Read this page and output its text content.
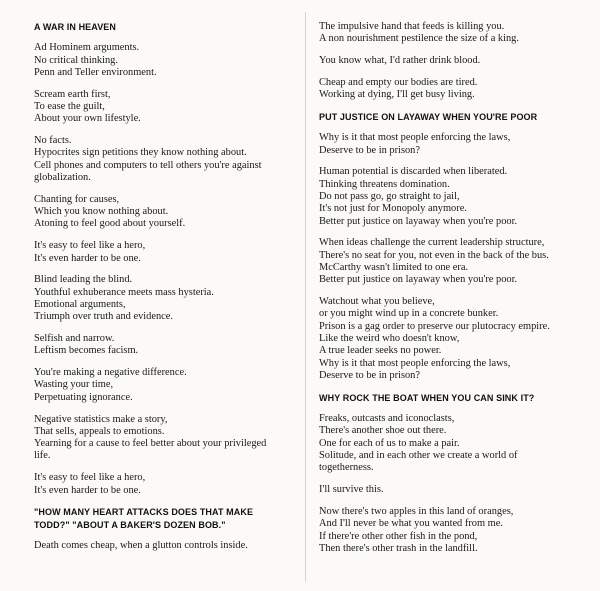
A WAR IN HEAVEN
Ad Hominem arguments.
No critical thinking.
Penn and Teller environment.
Scream earth first,
To ease the guilt,
About your own lifestyle.
No facts.
Hypocrites sign petitions they know nothing about.
Cell phones and computers to tell others you're against
globalization.
Chanting for causes,
Which you know nothing about.
Atoning to feel good about yourself.
It's easy to feel like a hero,
It's even harder to be one.
Blind leading the blind.
Youthful exhuberance meets mass hysteria.
Emotional arguments,
Triumph over truth and evidence.
Selfish and narrow.
Leftism becomes facism.
You're making a negative difference.
Wasting your time,
Perpetuating ignorance.
Negative statistics make a story,
That sells, appeals to emotions.
Yearning for a cause to feel better about your privileged
life.
It's easy to feel like a hero,
It's even harder to be one.
"HOW MANY HEART ATTACKS DOES THAT MAKE
TODD?" "ABOUT A BAKER'S DOZEN BOB."
Death comes cheap, when a glutton controls inside.
The impulsive hand that feeds is killing you.
A non nourishment pestilence the size of a king.
You know what, I'd rather drink blood.
Cheap and empty our bodies are tired.
Working at dying, I'll get busy living.
PUT JUSTICE ON LAYAWAY WHEN YOU'RE POOR
Why is it that most people enforcing the laws,
Deserve to be in prison?
Human potential is discarded when liberated.
Thinking threatens domination.
Do not pass go, go straight to jail,
It's not just for Monopoly anymore.
Better put justice on layaway when you're poor.
When ideas challenge the current leadership structure,
There's no seat for you, not even in the back of the bus.
McCarthy wasn't limited to one era.
Better put justice on layaway when you're poor.
Watchout what you believe,
or you might wind up in a concrete bunker.
Prison is a gag order to preserve our plutocracy empire.
Like the weird who doesn't know,
A true leader seeks no power.
Why is it that most people enforcing the laws,
Deserve to be in prison?
WHY ROCK THE BOAT WHEN YOU CAN SINK IT?
Freaks, outcasts and iconoclasts,
There's another shoe out there.
One for each of us to make a pair.
Solitude, and in each other we create a world of
togetherness.
I'll survive this.
Now there's two apples in this land of oranges,
And I'll never be what you wanted from me.
If there're other other fish in the pond,
Then there's other trash in the landfill.
